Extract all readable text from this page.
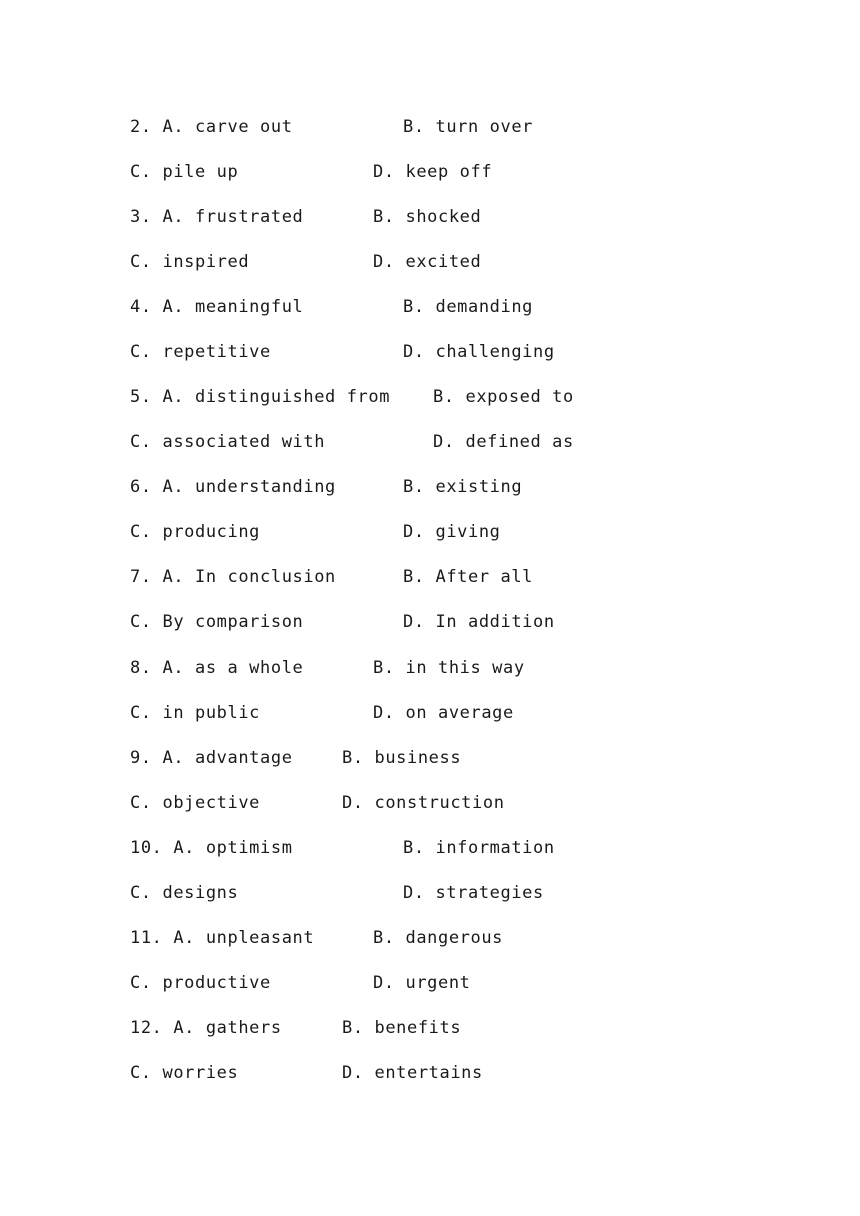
2. A. carve out	B. turn over
C. pile up	D. keep off
3. A. frustrated	B. shocked
C. inspired	D. excited
4. A. meaningful	B. demanding
C. repetitive	D. challenging
5. A. distinguished from	B. exposed to
C. associated with	D. defined as
6. A. understanding	B. existing
C. producing	D. giving
7. A. In conclusion	B. After all
C. By comparison	D. In addition
8. A. as a whole	B. in this way
C. in public	D. on average
9. A. advantage	B. business
C. objective	D. construction
10. A. optimism	B. information
C. designs	D. strategies
11. A. unpleasant	B. dangerous
C. productive	D. urgent
12. A. gathers	B. benefits
C. worries	D. entertains
